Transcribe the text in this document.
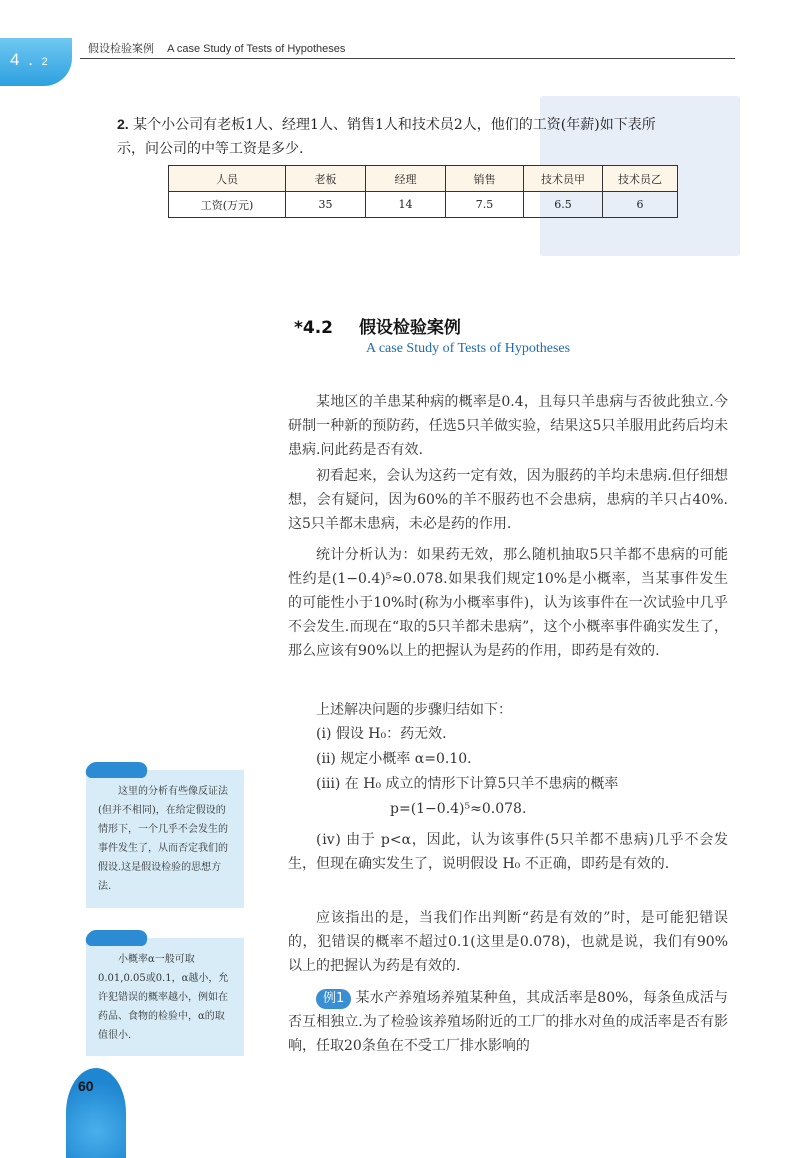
4 . 2
假设检验案例 A case Study of Tests of Hypotheses
2. 某个小公司有老板1人、经理1人、销售1人和技术员2人，他们的工资(年薪)如下表所示，问公司的中等工资是多少.
人员	老板	经理	销售	技术员甲	技术员乙
工资(万元)	35	14	7.5	6.5	6
*4.2 假设检验案例
A case Study of Tests of Hypotheses

某地区的羊患某种病的概率是0.4，且每只羊患病与否彼此独立.今研制一种新的预防药，任选5只羊做实验，结果这5只羊服用此药后均未患病.问此药是否有效.

初看起来，会认为这药一定有效，因为服药的羊均未患病.但仔细想想，会有疑问，因为60%的羊不服药也不会患病，患病的羊只占40%.这5只羊都未患病，未必是药的作用.

统计分析认为：如果药无效，那么随机抽取5只羊都不患病的可能性约是(1−0.4)⁵≈0.078.如果我们规定10%是小概率，当某事件发生的可能性小于10%时(称为小概率事件)，认为该事件在一次试验中几乎不会发生.而现在“取的5只羊都未患病”，这个小概率事件确实发生了，那么应该有90%以上的把握认为是药的作用，即药是有效的.

上述解决问题的步骤归结如下：

(ⅰ) 假设 H₀：药无效.
(ⅱ) 规定小概率 α=0.10.
(ⅲ) 在 H₀ 成立的情形下计算5只羊不患病的概率
p=(1−0.4)⁵≈0.078.

(ⅳ) 由于 p<α，因此，认为该事件(5只羊都不患病)几乎不会发生，但现在确实发生了，说明假设 H₀ 不正确，即药是有效的.

应该指出的是，当我们作出判断“药是有效的”时，是可能犯错误的，犯错误的概率不超过0.1(这里是0.078)，也就是说，我们有90%以上的把握认为药是有效的.

例1 某水产养殖场养殖某种鱼，其成活率是80%，每条鱼成活与否互相独立.为了检验该养殖场附近的工厂的排水对鱼的成活率是否有影响，任取20条鱼在不受工厂排水影响的

这里的分析有些像反证法(但并不相同)，在给定假设的情形下，一个几乎不会发生的事件发生了，从而否定我们的假设.这是假设检验的思想方法.

小概率α一般可取0.01,0.05或0.1，α越小，允许犯错误的概率越小，例如在药品、食物的检验中，α的取值很小.

60
